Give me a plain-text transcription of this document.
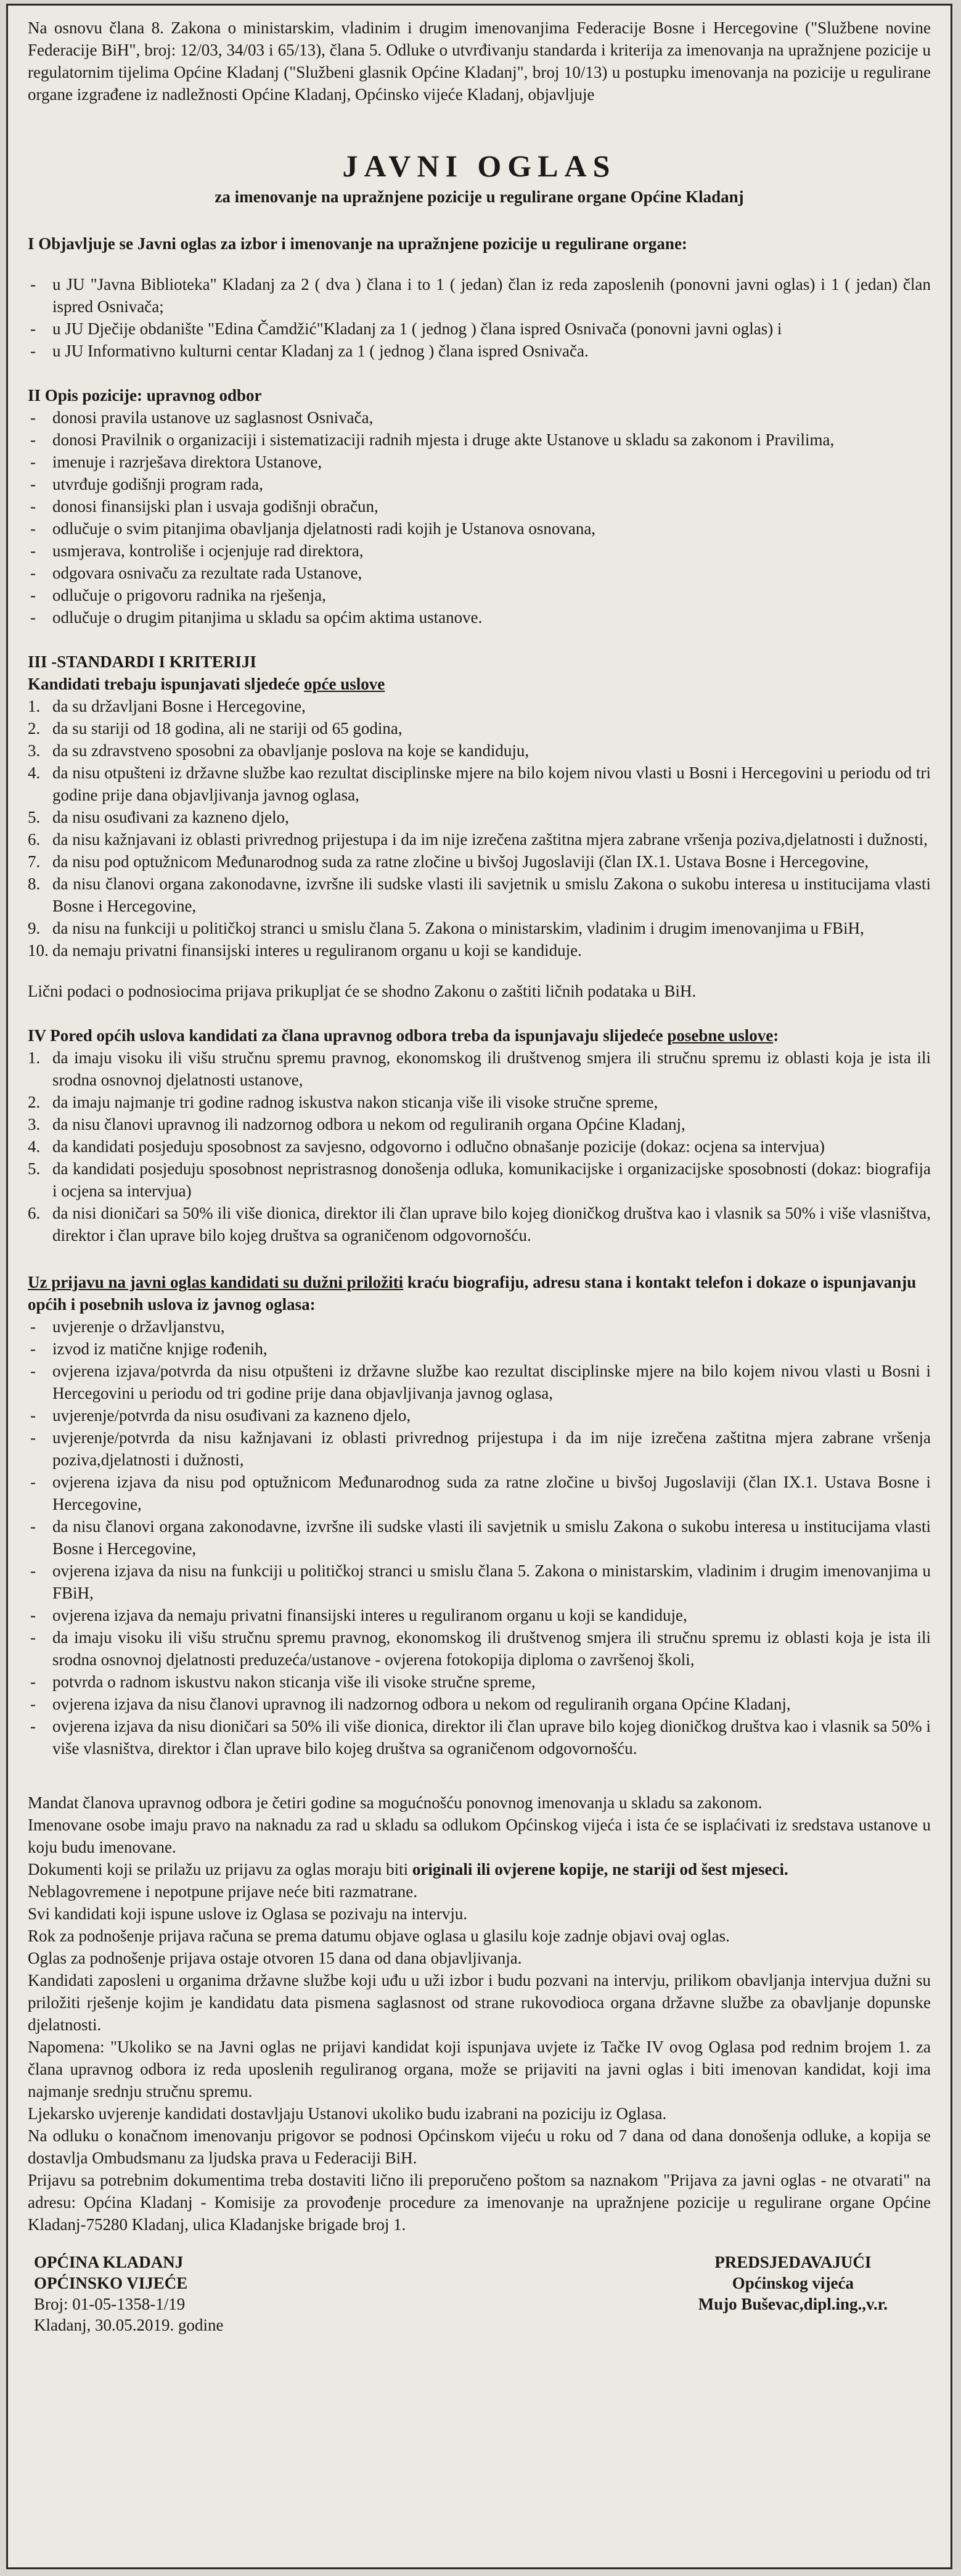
Na osnovu člana 8. Zakona o ministarskim, vladinim i drugim imenovanjima Federacije Bosne i Hercegovine ("Službene novine Federacije BiH", broj: 12/03, 34/03 i 65/13), člana 5. Odluke o utvrđivanju standarda i kriterija za imenovanja na upražnjene pozicije u regulatornim tijelima Općine Kladanj ("Službeni glasnik Općine Kladanj", broj 10/13) u postupku imenovanja na pozicije u regulirane organe izgrađene iz nadležnosti Općine Kladanj, Općinsko vijeće Kladanj, objavljuje

JAVNI OGLAS
za imenovanje na upražnjene pozicije u regulirane organe Općine Kladanj

I Objavljuje se Javni oglas za izbor i imenovanje na upražnjene pozicije u regulirane organe:

- u JU "Javna Biblioteka" Kladanj za 2 ( dva ) člana i to 1 ( jedan) član iz reda zaposlenih (ponovni javni oglas) i 1 ( jedan) član ispred Osnivača;
- u JU Dječije obdanište "Edina Čamdžić"Kladanj za 1 ( jednog ) člana ispred Osnivača (ponovni javni oglas) i
- u JU Informativno kulturni centar Kladanj za 1 ( jednog ) člana ispred Osnivača.

II Opis pozicije: upravnog odbor

- donosi pravila ustanove uz saglasnost Osnivača,
- donosi Pravilnik o organizaciji i sistematizaciji radnih mjesta i druge akte Ustanove u skladu sa zakonom i Pravilima,
- imenuje i razrješava direktora Ustanove,
- utvrđuje godišnji program rada,
- donosi finansijski plan i usvaja godišnji obračun,
- odlučuje o svim pitanjima obavljanja djelatnosti radi kojih je Ustanova osnovana,
- usmjerava, kontroliše i ocjenjuje rad direktora,
- odgovara osnivaču za rezultate rada Ustanove,
- odlučuje o prigovoru radnika na rješenja,
- odlučuje o drugim pitanjima u skladu sa općim aktima ustanove.

III -STANDARDI I KRITERIJI

Kandidati trebaju ispunjavati sljedeće opće uslove

1. da su državljani Bosne i Hercegovine,
2. da su stariji od 18 godina, ali ne stariji od 65 godina,
3. da su zdravstveno sposobni za obavljanje poslova na koje se kandiduju,
4. da nisu otpušteni iz državne službe kao rezultat disciplinske mjere na bilo kojem nivou vlasti u Bosni i Hercegovini u periodu od tri godine prije dana objavljivanja javnog oglasa,
5. da nisu osuđivani za kazneno djelo,
6. da nisu kažnjavani iz oblasti privrednog prijestupa i da im nije izrečena zaštitna mjera zabrane vršenja poziva,djelatnosti i dužnosti,
7. da nisu pod optužnicom Međunarodnog suda za ratne zločine u bivšoj Jugoslaviji (član IX.1. Ustava Bosne i Hercegovine,
8. da nisu članovi organa zakonodavne, izvršne ili sudske vlasti ili savjetnik u smislu Zakona o sukobu interesa u institucijama vlasti Bosne i Hercegovine,
9. da nisu na funkciji u političkoj stranci u smislu člana 5. Zakona o ministarskim, vladinim i drugim imenovanjima u FBiH,
10. da nemaju privatni finansijski interes u reguliranom organu u koji se kandiduje.

Lični podaci o podnosiocima prijava prikupljat će se shodno Zakonu o zaštiti ličnih podataka u BiH.

IV Pored općih uslova kandidati za člana upravnog odbora treba da ispunjavaju slijedeće posebne uslove:

1. da imaju visoku ili višu stručnu spremu pravnog, ekonomskog ili društvenog smjera ili stručnu spremu iz oblasti koja je ista ili srodna osnovnoj djelatnosti ustanove,
2. da imaju najmanje tri godine radnog iskustva nakon sticanja više ili visoke stručne spreme,
3. da nisu članovi upravnog ili nadzornog odbora u nekom od reguliranih organa Općine Kladanj,
4. da kandidati posjeduju sposobnost za savjesno, odgovorno i odlučno obnašanje pozicije (dokaz: ocjena sa intervjua)
5. da kandidati posjeduju sposobnost nepristrasnog donošenja odluka, komunikacijske i organizacijske sposobnosti (dokaz: biografija i ocjena sa intervjua)
6. da nisi dioničari sa 50% ili više dionica, direktor ili član uprave bilo kojeg dioničkog društva kao i vlasnik sa 50% i više vlasništva, direktor i član uprave bilo kojeg društva sa ograničenom odgovornošću.

Uz prijavu na javni oglas kandidati su dužni priložiti kraću biografiju, adresu stana i kontakt telefon i dokaze o ispunjavanju općih i posebnih uslova iz javnog oglasa:

- uvjerenje o državljanstvu,
- izvod iz matične knjige rođenih,
- ovjerena izjava/potvrda da nisu otpušteni iz državne službe kao rezultat disciplinske mjere na bilo kojem nivou vlasti u Bosni i Hercegovini u periodu od tri godine prije dana objavljivanja javnog oglasa,
- uvjerenje/potvrda da nisu osuđivani za kazneno djelo,
- uvjerenje/potvrda da nisu kažnjavani iz oblasti privrednog prijestupa i da im nije izrečena zaštitna mjera zabrane vršenja poziva,djelatnosti i dužnosti,
- ovjerena izjava da nisu pod optužnicom Međunarodnog suda za ratne zločine u bivšoj Jugoslaviji (član IX.1. Ustava Bosne i Hercegovine,
- da nisu članovi organa zakonodavne, izvršne ili sudske vlasti ili savjetnik u smislu Zakona o sukobu interesa u institucijama vlasti Bosne i Hercegovine,
- ovjerena izjava da nisu na funkciji u političkoj stranci u smislu člana 5. Zakona o ministarskim, vladinim i drugim imenovanjima u FBiH,
- ovjerena izjava da nemaju privatni finansijski interes u reguliranom organu u koji se kandiduje,
- da imaju visoku ili višu stručnu spremu pravnog, ekonomskog ili društvenog smjera ili stručnu spremu iz oblasti koja je ista ili srodna osnovnoj djelatnosti preduzeća/ustanove - ovjerena fotokopija diploma o završenoj školi,
- potvrda o radnom iskustvu nakon sticanja više ili visoke stručne spreme,
- ovjerena izjava da nisu članovi upravnog ili nadzornog odbora u nekom od reguliranih organa Općine Kladanj,
- ovjerena izjava da nisu dioničari sa 50% ili više dionica, direktor ili član uprave bilo kojeg dioničkog društva kao i vlasnik sa 50% i više vlasništva, direktor i član uprave bilo kojeg društva sa ograničenom odgovornošću.

Mandat članova upravnog odbora je četiri godine sa mogućnošću ponovnog imenovanja u skladu sa zakonom.

Imenovane osobe imaju pravo na naknadu za rad u skladu sa odlukom Općinskog vijeća i ista će se isplaćivati iz sredstava ustanove u koju budu imenovane.

Dokumenti koji se prilažu uz prijavu za oglas moraju biti originali ili ovjerene kopije, ne stariji od šest mjeseci.

Neblagovremene i nepotpune prijave neće biti razmatrane.

Svi kandidati koji ispune uslove iz Oglasa se pozivaju na intervju.

Rok za podnošenje prijava računa se prema datumu objave oglasa u glasilu koje zadnje objavi ovaj oglas.

Oglas za podnošenje prijava ostaje otvoren 15 dana od dana objavljivanja.

Kandidati zaposleni u organima državne službe koji uđu u uži izbor i budu pozvani na intervju, prilikom obavljanja intervjua dužni su priložiti rješenje kojim je kandidatu data pismena saglasnost od strane rukovodioca organa državne službe za obavljanje dopunske djelatnosti.

Napomena: "Ukoliko se na Javni oglas ne prijavi kandidat koji ispunjava uvjete iz Tačke IV ovog Oglasa pod rednim brojem 1. za člana upravnog odbora iz reda uposlenih reguliranog organa, može se prijaviti na javni oglas i biti imenovan kandidat, koji ima najmanje srednju stručnu spremu.

Ljekarsko uvjerenje kandidati dostavljaju Ustanovi ukoliko budu izabrani na poziciju iz Oglasa.

Na odluku o konačnom imenovanju prigovor se podnosi Općinskom vijeću u roku od 7 dana od dana donošenja odluke, a kopija se dostavlja Ombudsmanu za ljudska prava u Federaciji BiH.

Prijavu sa potrebnim dokumentima treba dostaviti lično ili preporučeno poštom sa naznakom "Prijava za javni oglas - ne otvarati" na adresu: Općina Kladanj - Komisije za provođenje procedure za imenovanje na upražnjene pozicije u regulirane organe Općine Kladanj-75280 Kladanj, ulica Kladanjske brigade broj 1.

OPĆINA KLADANJ
OPĆINSKO VIJEĆE
Broj: 01-05-1358-1/19
Kladanj, 30.05.2019. godine
PREDSJEDAVAJUĆI
Općinskog vijeća
Mujo Buševac,dipl.ing.,v.r.
